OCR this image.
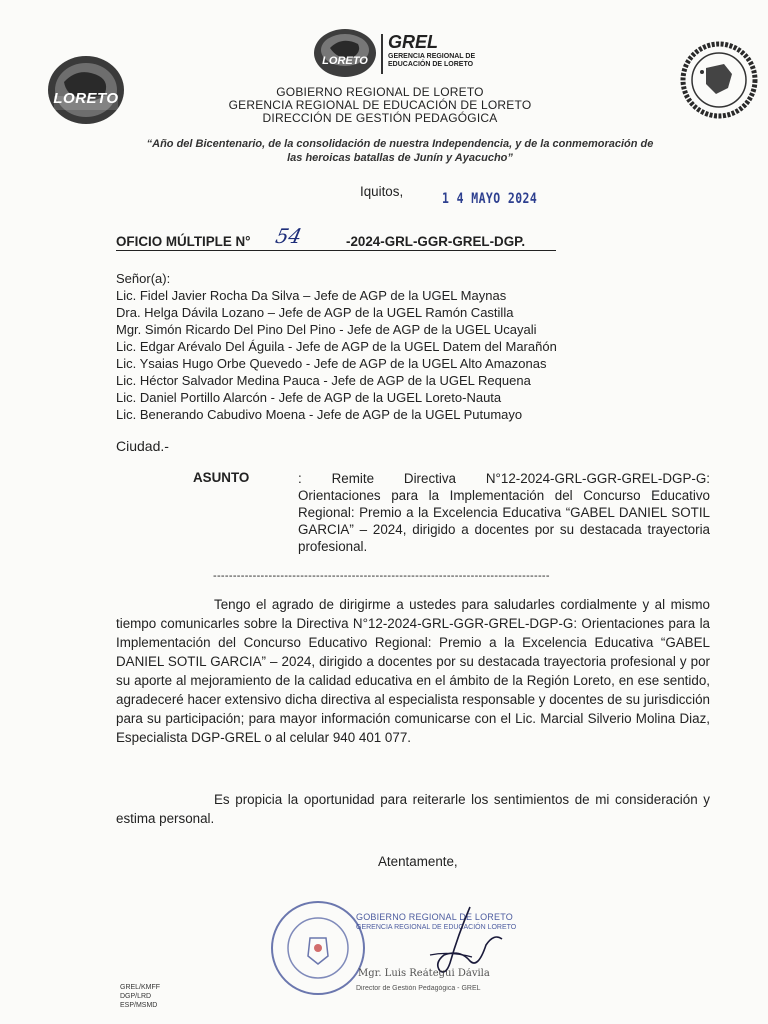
LORETO
LORETO
GREL
GERENCIA REGIONAL DE
EDUCACIÓN DE LORETO
GOBIERNO REGIONAL DE LORETO
GERENCIA REGIONAL DE EDUCACIÓN DE LORETO
DIRECCIÓN DE GESTIÓN PEDAGÓGICA
“Año del Bicentenario, de la consolidación de nuestra Independencia, y de la conmemoración de
las heroicas batallas de Junín y Ayacucho”
Iquitos,	1 4 MAYO 2024
OFICIO MÚLTIPLE N° 54	-2024-GRL-GGR-GREL-DGP.
Señor(a):
Lic. Fidel Javier Rocha Da Silva – Jefe de AGP de la UGEL Maynas
Dra. Helga Dávila Lozano – Jefe de AGP de la UGEL Ramón Castilla
Mgr. Simón Ricardo Del Pino Del Pino - Jefe de AGP de la UGEL Ucayali
Lic. Edgar Arévalo Del Águila - Jefe de AGP de la UGEL Datem del Marañón
Lic. Ysaias Hugo Orbe Quevedo - Jefe de AGP de la UGEL Alto Amazonas
Lic. Héctor Salvador Medina Pauca - Jefe de AGP de la UGEL Requena
Lic. Daniel Portillo Alarcón - Jefe de AGP de la UGEL Loreto-Nauta
Lic. Benerando Cabudivo Moena - Jefe de AGP de la UGEL Putumayo
Ciudad.-
ASUNTO	: Remite Directiva N°12-2024-GRL-GGR-GREL-DGP-G: Orientaciones para la Implementación del Concurso Educativo Regional: Premio a la Excelencia Educativa “GABEL DANIEL SOTIL GARCIA” – 2024, dirigido a docentes por su destacada trayectoria profesional.
-------------------------------------------------------------------------------------
Tengo el agrado de dirigirme a ustedes para saludarles cordialmente y al mismo tiempo comunicarles sobre la Directiva N°12-2024-GRL-GGR-GREL-DGP-G: Orientaciones para la Implementación del Concurso Educativo Regional: Premio a la Excelencia Educativa “GABEL DANIEL SOTIL GARCIA” – 2024, dirigido a docentes por su destacada trayectoria profesional y por su aporte al mejoramiento de la calidad educativa en el ámbito de la Región Loreto, en ese sentido, agradeceré hacer extensivo dicha directiva al especialista responsable y docentes de su jurisdicción para su participación; para mayor información comunicarse con el Lic. Marcial Silverio Molina Diaz, Especialista DGP-GREL o al celular 940 401 077.
Es propicia la oportunidad para reiterarle los sentimientos de mi consideración y estima personal.
Atentamente,
GOBIERNO REGIONAL DE LORETO
GERENCIA REGIONAL DE EDUCACIÓN LORETO
Mgr. Luis Reátegui Dávila
Director de Gestión Pedagógica - GREL
GREL/KMFF
DGP/LRD
ESP/MSMD
